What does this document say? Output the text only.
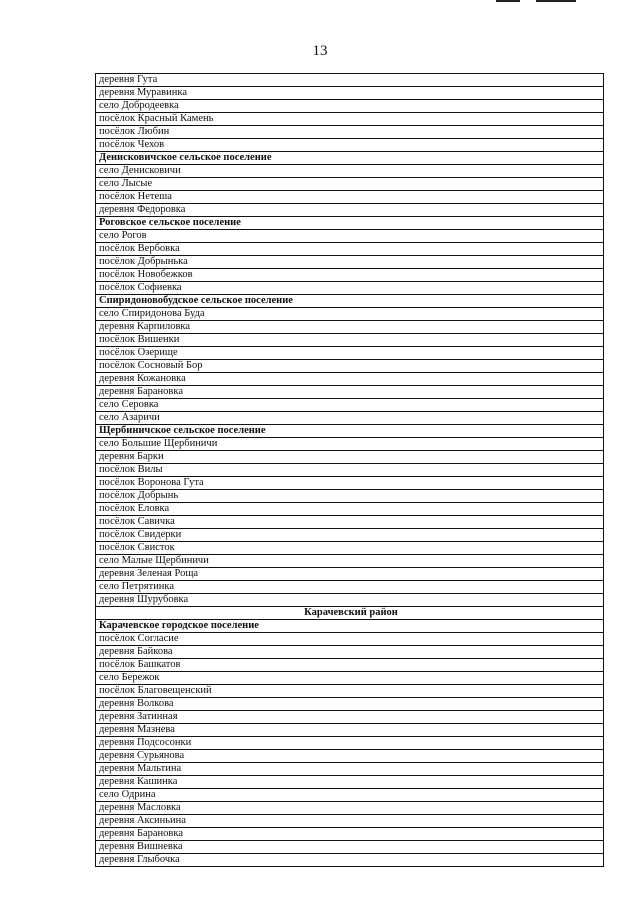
13
деревня Гута
деревня Муравинка
село Добродеевка
посёлок Красный Камень
посёлок Любин
посёлок Чехов
Денисковичское сельское поселение
село Денисковичи
село Лысые
посёлок Нетеша
деревня Федоровка
Роговское сельское поселение
село Рогов
посёлок Вербовка
посёлок Добрынька
посёлок Новобежков
посёлок Софиевка
Спиридоновобудское сельское поселение
село Спиридонова Буда
деревня Карпиловка
посёлок Вишенки
посёлок Озерище
посёлок Сосновый Бор
деревня Кожановка
деревня Барановка
село Серовка
село Азаричи
Щербиничское сельское поселение
село Большие Щербиничи
деревня Барки
посёлок Вилы
посёлок Воронова Гута
посёлок Добрынь
посёлок Еловка
посёлок Савичка
посёлок Свидерки
посёлок Свисток
село Малые Щербиничи
деревня Зеленая Роща
село Петрятинка
деревня Шурубовка
Карачевский район
Карачевское городское поселение
посёлок Согласие
деревня Байкова
посёлок Башкатов
село Бережок
посёлок Благовещенский
деревня Волкова
деревня Затинная
деревня Мазнева
деревня Подсосонки
деревня Сурьянова
деревня Мальтина
деревня Кашинка
село Одрина
деревня Масловка
деревня Аксиньина
деревня Барановка
деревня Вишневка
деревня Глыбочка
